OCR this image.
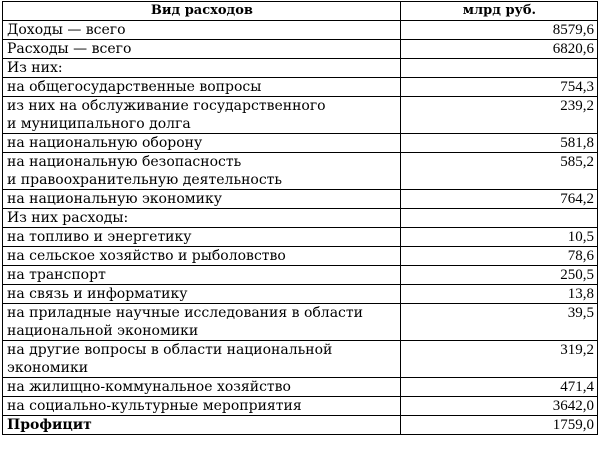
Вид расходов	млрд руб.

Доходы — всего	8579,6

Расходы — всего	6820,6

Из них:	

на общегосударственные вопросы	754,3

из них на обслуживание государственного
и муниципального долга	239,2

на национальную оборону	581,8

на национальную безопасность
и правоохранительную деятельность	585,2

на национальную экономику	764,2

Из них расходы:	

на топливо и энергетику	10,5

на сельское хозяйство и рыболовство	78,6

на транспорт	250,5

на связь и информатику	13,8

на приладные научные исследования в области
национальной экономики	39,5

на другие вопросы в области национальной
экономики	319,2

на жилищно-коммунальное хозяйство	471,4

на социально-культурные мероприятия	3642,0

Профицит	1759,0
